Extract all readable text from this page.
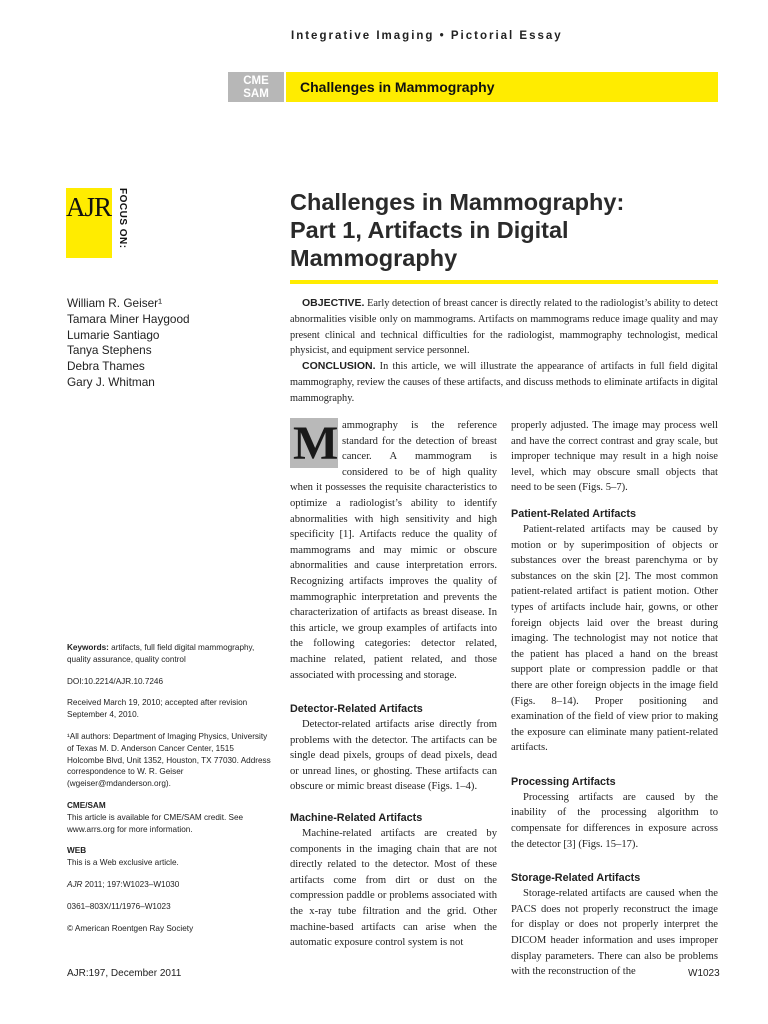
Integrative Imaging • Pictorial Essay
CME
SAM	Challenges in Mammography
AJR FOCUS ON:	Challenges in Mammography:
Part 1, Artifacts in Digital
Mammography
William R. Geiser¹
Tamara Miner Haygood
Lumarie Santiago
Tanya Stephens
Debra Thames
Gary J. Whitman

OBJECTIVE. Early detection of breast cancer is directly related to the radiologist’s ability to detect abnormalities visible only on mammograms. Artifacts on mammograms reduce image quality and may present clinical and technical difficulties for the radiologist, mammography technologist, medical physicist, and equipment service personnel.

CONCLUSION. In this article, we will illustrate the appearance of artifacts in full field digital mammography, review the causes of these artifacts, and discuss methods to eliminate artifacts in digital mammography.

Keywords: artifacts, full field digital mammography, quality assurance, quality control

DOI:10.2214/AJR.10.7246

Received March 19, 2010; accepted after revision September 4, 2010.

¹All authors: Department of Imaging Physics, University of Texas M. D. Anderson Cancer Center, 1515 Holcombe Blvd, Unit 1352, Houston, TX 77030. Address correspondence to W. R. Geiser (wgeiser@mdanderson.org).

CME/SAM
This article is available for CME/SAM credit. See www.arrs.org for more information.

WEB
This is a Web exclusive article.

AJR 2011; 197:W1023–W1030

0361–803X/11/1976–W1023

© American Roentgen Ray Society

M ammography is the reference standard for the detection of breast cancer. A mammogram is considered to be of high quality when it possesses the requisite characteristics to optimize a radiologist’s ability to identify abnormalities with high sensitivity and high specificity [1]. Artifacts reduce the quality of mammograms and may mimic or obscure abnormalities and cause interpretation errors. Recognizing artifacts improves the quality of mammographic interpretation and prevents the characterization of artifacts as breast disease. In this article, we group examples of artifacts into the following categories: detector related, machine related, patient related, and those associated with processing and storage.

Detector-Related Artifacts

Detector-related artifacts arise directly from problems with the detector. The artifacts can be single dead pixels, groups of dead pixels, dead or unread lines, or ghosting. These artifacts can obscure or mimic breast disease (Figs. 1–4).

Machine-Related Artifacts

Machine-related artifacts are created by components in the imaging chain that are not directly related to the detector. Most of these artifacts come from dirt or dust on the compression paddle or problems associated with the x-ray tube filtration and the grid. Other machine-based artifacts can arise when the automatic exposure control system is not

properly adjusted. The image may process well and have the correct contrast and gray scale, but improper technique may result in a high noise level, which may obscure small objects that need to be seen (Figs. 5–7).

Patient-Related Artifacts

Patient-related artifacts may be caused by motion or by superimposition of objects or substances over the breast parenchyma or by substances on the skin [2]. The most common patient-related artifact is patient motion. Other types of artifacts include hair, gowns, or other foreign objects laid over the breast during imaging. The technologist may not notice that the patient has placed a hand on the breast support plate or compression paddle or that there are other foreign objects in the image field (Figs. 8–14). Proper positioning and examination of the field of view prior to making the exposure can eliminate many patient-related artifacts.

Processing Artifacts

Processing artifacts are caused by the inability of the processing algorithm to compensate for differences in exposure across the detector [3] (Figs. 15–17).

Storage-Related Artifacts

Storage-related artifacts are caused when the PACS does not properly reconstruct the image for display or does not properly interpret the DICOM header information and uses improper display parameters. There can also be problems with the reconstruction of the

AJR:197, December 2011	W1023
